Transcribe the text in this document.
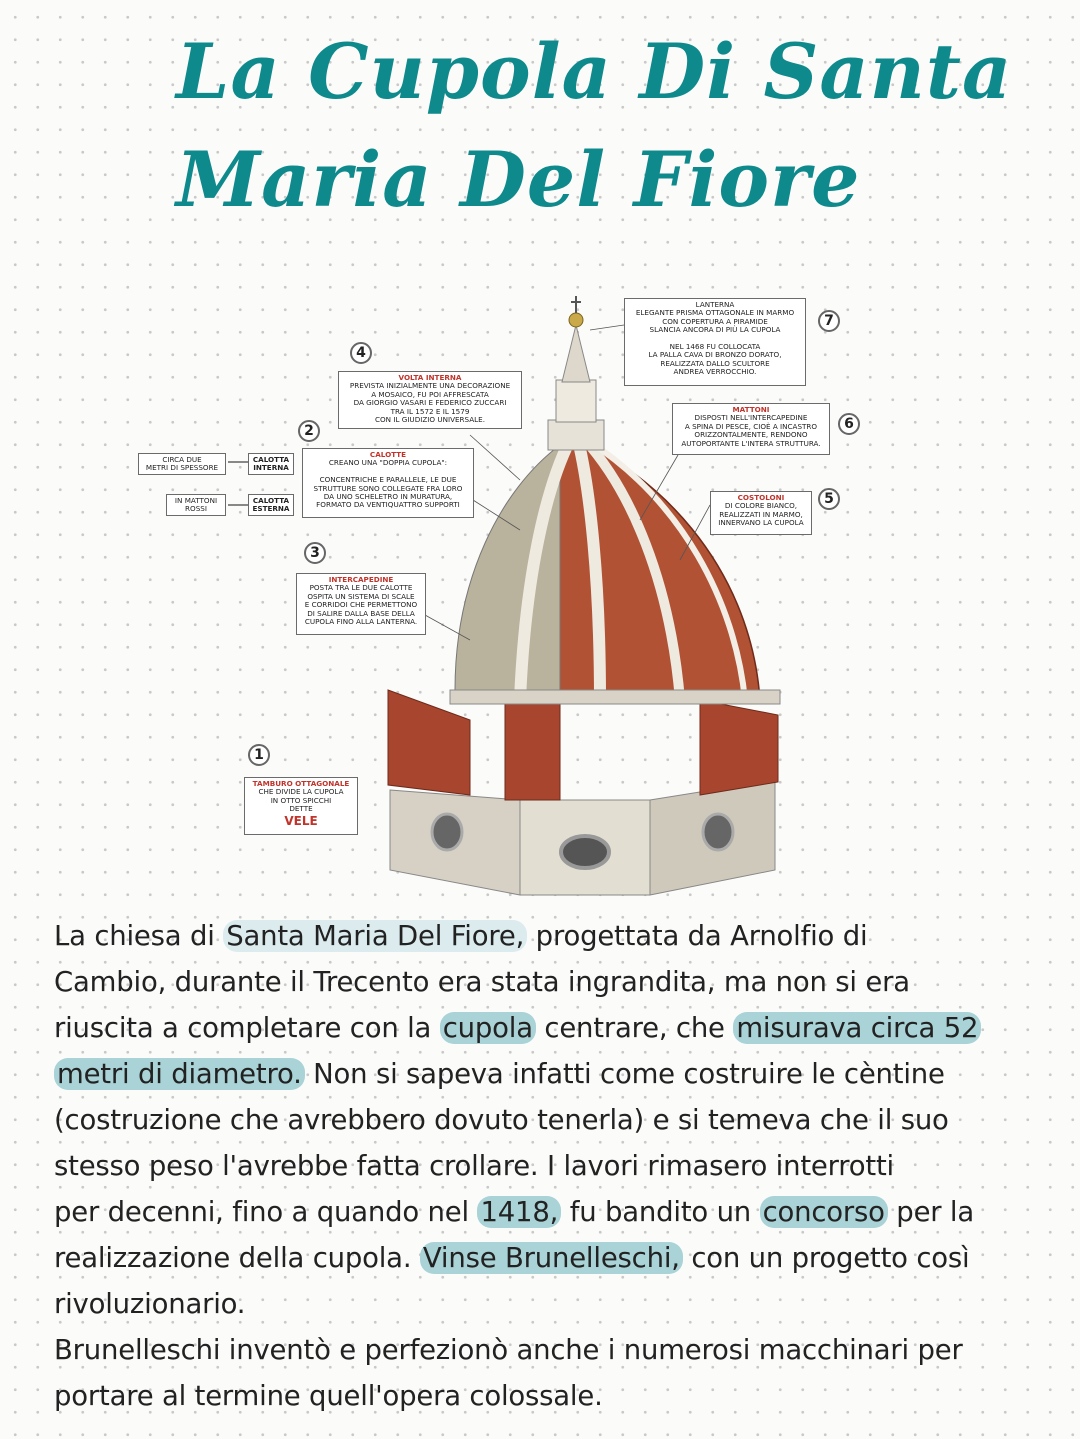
La Cupola Di Santa
Maria Del Fiore
4
VOLTA INTERNA
PREVISTA INIZIALMENTE UNA DECORAZIONE
A MOSAICO, FU POI AFFRESCATA
DA GIORGIO VASARI E FEDERICO ZUCCARI
TRA IL 1572 E IL 1579
CON IL GIUDIZIO UNIVERSALE.
2
CIRCA DUE
METRI DI SPESSORE
CALOTTA
INTERNA
IN MATTONI
ROSSI
CALOTTA
ESTERNA
CALOTTE
CREANO UNA "DOPPIA CUPOLA":

CONCENTRICHE E PARALLELE, LE DUE
STRUTTURE SONO COLLEGATE FRA LORO
DA UNO SCHELETRO IN MURATURA,
FORMATO DA VENTIQUATTRO SUPPORTI
3
INTERCAPEDINE
POSTA TRA LE DUE CALOTTE
OSPITA UN SISTEMA DI SCALE
E CORRIDOI CHE PERMETTONO
DI SALIRE DALLA BASE DELLA
CUPOLA FINO ALLA LANTERNA.
1
TAMBURO OTTAGONALE
CHE DIVIDE LA CUPOLA
IN OTTO SPICCHI
DETTE
VELE
LANTERNA
ELEGANTE PRISMA OTTAGONALE IN MARMO
CON COPERTURA A PIRAMIDE
SLANCIA ANCORA DI PIÙ LA CUPOLA

NEL 1468 FU COLLOCATA
LA PALLA CAVA DI BRONZO DORATO,
REALIZZATA DALLO SCULTORE
ANDREA VERROCCHIO.
7
MATTONI
DISPOSTI NELL'INTERCAPEDINE
A SPINA DI PESCE, CIOÈ A INCASTRO
ORIZZONTALMENTE, RENDONO
AUTOPORTANTE L'INTERA STRUTTURA.
6
COSTOLONI
DI COLORE BIANCO,
REALIZZATI IN MARMO,
INNERVANO LA CUPOLA
5
La chiesa di Santa Maria Del Fiore, progettata da Arnolfio di
Cambio, durante il Trecento era stata ingrandita, ma non si era
riuscita a completare con la cupola centrare, che misurava circa 52
metri di diametro. Non si sapeva infatti come costruire le cèntine
(costruzione che avrebbero dovuto tenerla) e si temeva che il suo
stesso peso l'avrebbe fatta crollare. I lavori rimasero interrotti
per decenni, fino a quando nel 1418, fu bandito un concorso per la
realizzazione della cupola. Vinse Brunelleschi, con un progetto così
rivoluzionario.
Brunelleschi inventò e perfezionò anche i numerosi macchinari per
portare al termine quell'opera colossale.
